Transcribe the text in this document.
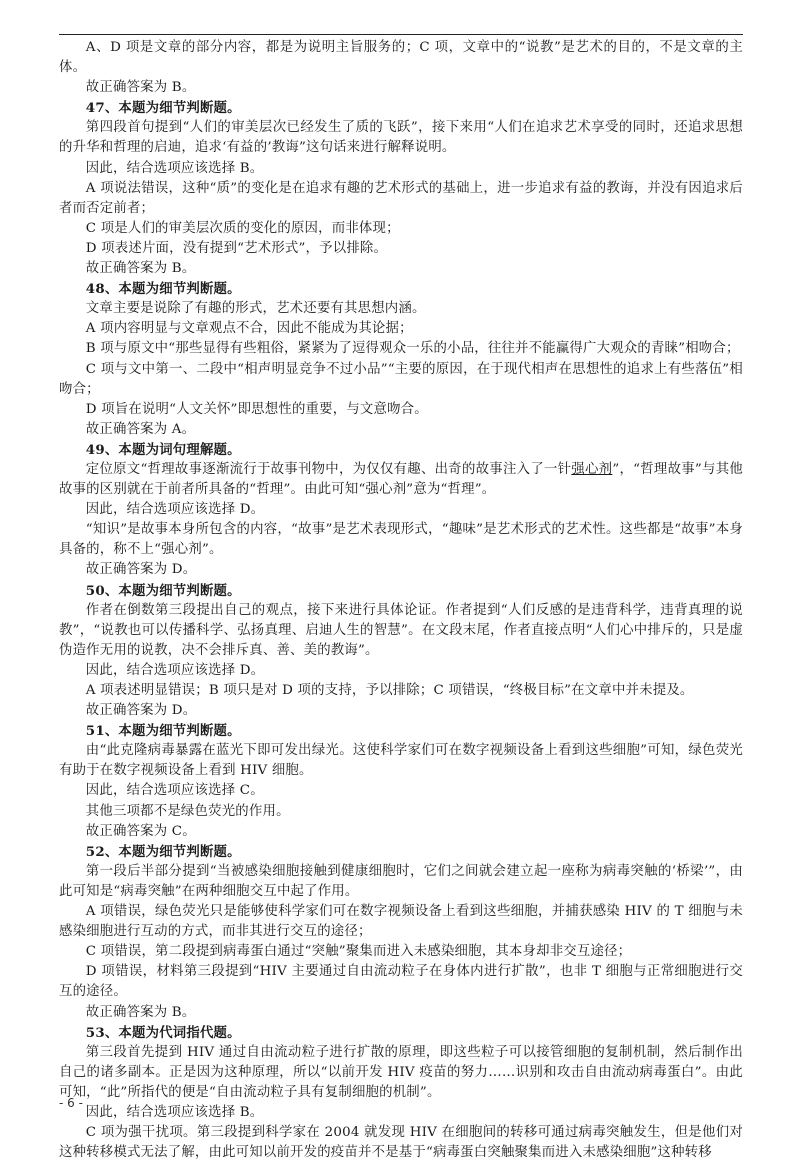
A、D 项是文章的部分内容，都是为说明主旨服务的；C 项，文章中的“说教”是艺术的目的，不是文章的主体。

故正确答案为 B。

47、本题为细节判断题。

第四段首句提到“人们的审美层次已经发生了质的飞跃”，接下来用“人们在追求艺术享受的同时，还追求思想的升华和哲理的启迪，追求‘有益的’教诲”这句话来进行解释说明。

因此，结合选项应该选择 B。

A 项说法错误，这种“质”的变化是在追求有趣的艺术形式的基础上，进一步追求有益的教诲，并没有因追求后者而否定前者；

C 项是人们的审美层次质的变化的原因，而非体现；

D 项表述片面，没有提到“艺术形式”，予以排除。

故正确答案为 B。

48、本题为细节判断题。

文章主要是说除了有趣的形式，艺术还要有其思想内涵。

A 项内容明显与文章观点不合，因此不能成为其论据；

B 项与原文中“那些显得有些粗俗，紧紧为了逗得观众一乐的小品，往往并不能赢得广大观众的青睐”相吻合；

C 项与文中第一、二段中“相声明显竞争不过小品”“主要的原因，在于现代相声在思想性的追求上有些落伍”相吻合；

D 项旨在说明“人文关怀”即思想性的重要，与文意吻合。

故正确答案为 A。

49、本题为词句理解题。

定位原文“哲理故事逐渐流行于故事刊物中，为仅仅有趣、出奇的故事注入了一针强心剂”，“哲理故事”与其他故事的区别就在于前者所具备的“哲理”。由此可知“强心剂”意为“哲理”。

因此，结合选项应该选择 D。

“知识”是故事本身所包含的内容，“故事”是艺术表现形式，“趣味”是艺术形式的艺术性。这些都是“故事”本身具备的，称不上“强心剂”。

故正确答案为 D。

50、本题为细节判断题。

作者在倒数第三段提出自己的观点，接下来进行具体论证。作者提到“人们反感的是违背科学，违背真理的说教”，“说教也可以传播科学、弘扬真理、启迪人生的智慧”。在文段末尾，作者直接点明“人们心中排斥的，只是虚伪造作无用的说教，决不会排斥真、善、美的教诲”。

因此，结合选项应该选择 D。

A 项表述明显错误；B 项只是对 D 项的支持，予以排除；C 项错误，“终极目标”在文章中并未提及。

故正确答案为 D。

51、本题为细节判断题。

由“此克隆病毒暴露在蓝光下即可发出绿光。这使科学家们可在数字视频设备上看到这些细胞”可知，绿色荧光有助于在数字视频设备上看到 HIV 细胞。

因此，结合选项应该选择 C。

其他三项都不是绿色荧光的作用。

故正确答案为 C。

52、本题为细节判断题。

第一段后半部分提到“当被感染细胞接触到健康细胞时，它们之间就会建立起一座称为病毒突触的‘桥梁’”，由此可知是“病毒突触”在两种细胞交互中起了作用。

A 项错误，绿色荧光只是能够使科学家们可在数字视频设备上看到这些细胞，并捕获感染 HIV 的 T 细胞与未感染细胞进行互动的方式，而非其进行交互的途径；

C 项错误，第二段提到病毒蛋白通过“突触”聚集而进入未感染细胞，其本身却非交互途径；

D 项错误，材料第三段提到“HIV 主要通过自由流动粒子在身体内进行扩散”，也非 T 细胞与正常细胞进行交互的途径。

故正确答案为 B。

53、本题为代词指代题。

第三段首先提到 HIV 通过自由流动粒子进行扩散的原理，即这些粒子可以接管细胞的复制机制，然后制作出自己的诸多副本。正是因为这种原理，所以“以前开发 HIV 疫苗的努力……识别和攻击自由流动病毒蛋白”。由此可知，“此”所指代的便是“自由流动粒子具有复制细胞的机制”。

因此，结合选项应该选择 B。

C 项为强干扰项。第三段提到科学家在 2004 就发现 HIV 在细胞间的转移可通过病毒突触发生，但是他们对这种转移模式无法了解，由此可知以前开发的疫苗并不是基于“病毒蛋白突触聚集而进入未感染细胞”这种转移

- 6 -
